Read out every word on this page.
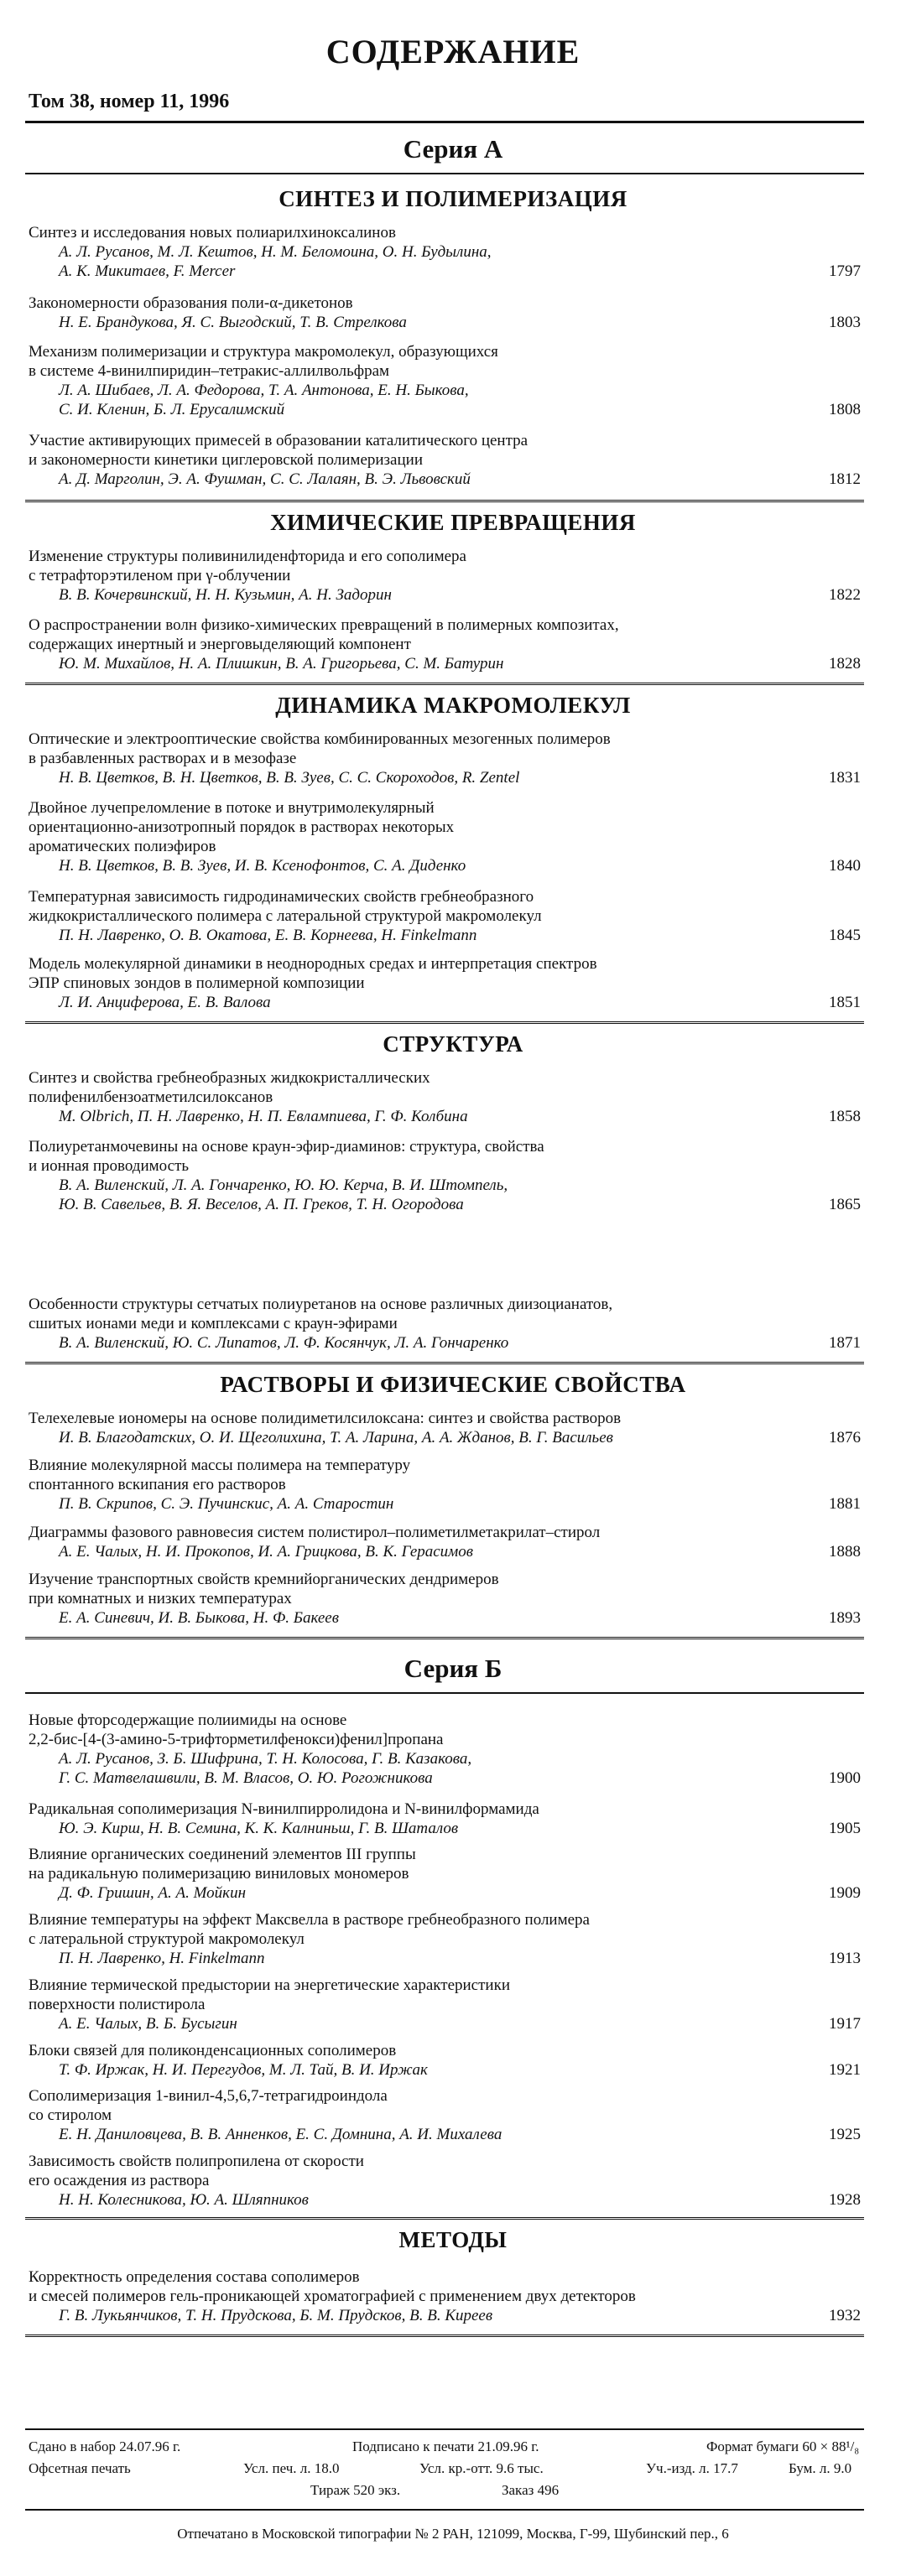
СОДЕРЖАНИЕ
Том 38, номер 11, 1996
Серия А
СИНТЕЗ И ПОЛИМЕРИЗАЦИЯ
Синтез и исследования новых полиарилхиноксалинов
А. Л. Русанов, М. Л. Кештов, Н. М. Беломоина, О. Н. Будылина,
А. К. Микитаев, F. Mercer	1797
Закономерности образования поли-α-дикетонов
Н. Е. Брандукова, Я. С. Выгодский, Т. В. Стрелкова	1803
Механизм полимеризации и структура макромолекул, образующихся
в системе 4-винилпиридин–тетракис-аллилвольфрам
Л. А. Шибаев, Л. А. Федорова, Т. А. Антонова, Е. Н. Быкова,
С. И. Кленин, Б. Л. Ерусалимский	1808
Участие активирующих примесей в образовании каталитического центра
и закономерности кинетики циглеровской полимеризации
А. Д. Марголин, Э. А. Фушман, С. С. Лалаян, В. Э. Львовский	1812
ХИМИЧЕСКИЕ ПРЕВРАЩЕНИЯ
Изменение структуры поливинилиденфторида и его сополимера
с тетрафторэтиленом при γ-облучении
В. В. Кочервинский, Н. Н. Кузьмин, А. Н. Задорин	1822
О распространении волн физико-химических превращений в полимерных композитах,
содержащих инертный и энерговыделяющий компонент
Ю. М. Михайлов, Н. А. Плишкин, В. А. Григорьева, С. М. Батурин	1828
ДИНАМИКА МАКРОМОЛЕКУЛ
Оптические и электрооптические свойства комбинированных мезогенных полимеров
в разбавленных растворах и в мезофазе
Н. В. Цветков, В. Н. Цветков, В. В. Зуев, С. С. Скороходов, R. Zentel	1831
Двойное лучепреломление в потоке и внутримолекулярный
ориентационно-анизотропный порядок в растворах некоторых
ароматических полиэфиров
Н. В. Цветков, В. В. Зуев, И. В. Ксенофонтов, С. А. Диденко	1840
Температурная зависимость гидродинамических свойств гребнеобразного
жидкокристаллического полимера с латеральной структурой макромолекул
П. Н. Лавренко, О. В. Окатова, Е. В. Корнеева, H. Finkelmann	1845
Модель молекулярной динамики в неоднородных средах и интерпретация спектров
ЭПР спиновых зондов в полимерной композиции
Л. И. Анциферова, Е. В. Валова	1851
СТРУКТУРА
Синтез и свойства гребнеобразных жидкокристаллических
полифенилбензоатметилсилоксанов
M. Olbrich, П. Н. Лавренко, Н. П. Евлампиева, Г. Ф. Колбина	1858
Полиуретанмочевины на основе краун-эфир-диаминов: структура, свойства
и ионная проводимость
В. А. Виленский, Л. А. Гончаренко, Ю. Ю. Керча, В. И. Штомпель,
Ю. В. Савельев, В. Я. Веселов, А. П. Греков, Т. Н. Огородова	1865
Особенности структуры сетчатых полиуретанов на основе различных диизоцианатов,
сшитых ионами меди и комплексами с краун-эфирами
В. А. Виленский, Ю. С. Липатов, Л. Ф. Косянчук, Л. А. Гончаренко	1871
РАСТВОРЫ И ФИЗИЧЕСКИЕ СВОЙСТВА
Телехелевые иономеры на основе полидиметилсилоксана: синтез и свойства растворов
И. В. Благодатских, О. И. Щеголихина, Т. А. Ларина, А. А. Жданов, В. Г. Васильев	1876
Влияние молекулярной массы полимера на температуру
спонтанного вскипания его растворов
П. В. Скрипов, С. Э. Пучинскис, А. А. Старостин	1881
Диаграммы фазового равновесия систем полистирол–полиметилметакрилат–стирол
А. Е. Чалых, Н. И. Прокопов, И. А. Грицкова, В. К. Герасимов	1888
Изучение транспортных свойств кремнийорганических дендримеров
при комнатных и низких температурах
Е. А. Синевич, И. В. Быкова, Н. Ф. Бакеев	1893
Серия Б
Новые фторсодержащие полиимиды на основе
2,2-бис-[4-(3-амино-5-трифторметилфенокси)фенил]пропана
А. Л. Русанов, З. Б. Шифрина, Т. Н. Колосова, Г. В. Казакова,
Г. С. Матвелашвили, В. М. Власов, О. Ю. Рогожникова	1900
Радикальная сополимеризация N-винилпирролидона и N-винилформамида
Ю. Э. Кирш, Н. В. Семина, К. К. Калниньш, Г. В. Шаталов	1905
Влияние органических соединений элементов III группы
на радикальную полимеризацию виниловых мономеров
Д. Ф. Гришин, А. А. Мойкин	1909
Влияние температуры на эффект Максвелла в растворе гребнеобразного полимера
с латеральной структурой макромолекул
П. Н. Лавренко, H. Finkelmann	1913
Влияние термической предыстории на энергетические характеристики
поверхности полистирола
А. Е. Чалых, В. Б. Бусыгин	1917
Блоки связей для поликонденсационных сополимеров
Т. Ф. Иржак, Н. И. Перегудов, М. Л. Тай, В. И. Иржак	1921
Сополимеризация 1-винил-4,5,6,7-тетрагидроиндола
со стиролом
Е. Н. Даниловцева, В. В. Анненков, Е. С. Домнина, А. И. Михалева	1925
Зависимость свойств полипропилена от скорости
его осаждения из раствора
Н. Н. Колесникова, Ю. А. Шляпников	1928
МЕТОДЫ
Корректность определения состава сополимеров
и смесей полимеров гель-проникающей хроматографией с применением двух детекторов
Г. В. Лукьянчиков, Т. Н. Прудскова, Б. М. Прудсков, В. В. Киреев	1932
Сдано в набор 24.07.96 г.	Подписано к печати 21.09.96 г.	Формат бумаги 60 × 88¹/₈
Офсетная печать	Усл. печ. л. 18.0	Усл. кр.-отт. 9.6 тыс.	Уч.-изд. л. 17.7	Бум. л. 9.0
Тираж 520 экз.	Заказ 496
Отпечатано в Московской типографии № 2 РАН, 121099, Москва, Г-99, Шубинский пер., 6
